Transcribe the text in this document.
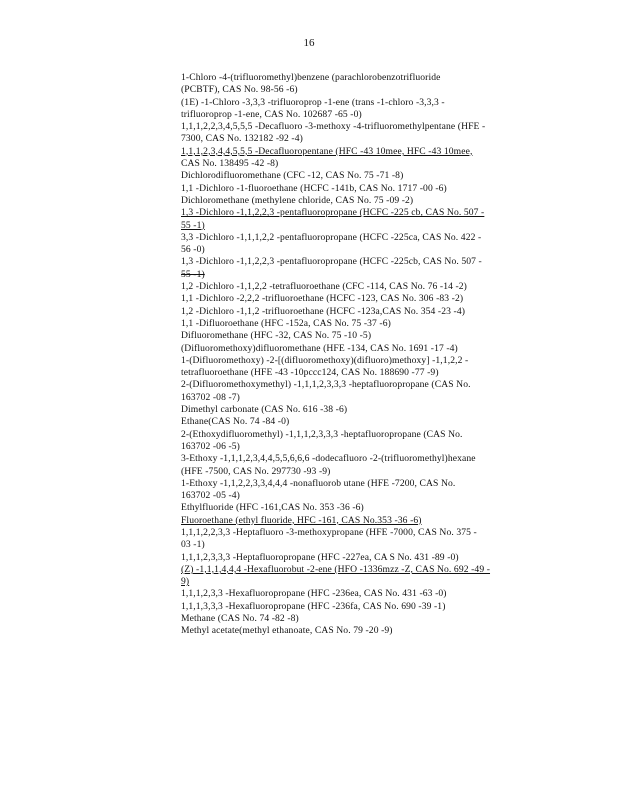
16
1-Chloro -4-(trifluoromethyl)benzene (parachlorobenzotrifluoride
(PCBTF), CAS No. 98-56 -6)
(1E) -1-Chloro -3,3,3 -trifluoroprop -1-ene (trans -1-chloro -3,3,3 -
trifluoroprop -1-ene, CAS No. 102687 -65 -0)
1,1,1,2,2,3,4,5,5,5 -Decafluoro -3-methoxy -4-trifluoromethylpentane (HFE -
7300, CAS No. 132182 -92 -4)
1,1,1,2,3,4,4,5,5,5 -Decafluoropentane (HFC -43 10mee, HFC -43 10mee,
CAS No. 138495 -42 -8)
Dichlorodifluoromethane (CFC -12, CAS No. 75 -71 -8)
1,1 -Dichloro -1-fluoroethane (HCFC -141b, CAS No. 1717 -00 -6)
Dichloromethane (methylene chloride, CAS No. 75 -09 -2)
1,3 -Dichloro -1,1,2,2,3 -pentafluoropropane (HCFC -225 cb, CAS No. 507 -
55 -1)
3,3 -Dichloro -1,1,1,2,2 -pentafluoropropane (HCFC -225ca, CAS No. 422 -
56 -0)
1,3 -Dichloro -1,1,2,2,3 -pentafluoropropane (HCFC -225cb, CAS No. 507 -
55 -1)
1,2 -Dichloro -1,1,2,2 -tetrafluoroethane (CFC -114, CAS No. 76 -14 -2)
1,1 -Dichloro -2,2,2 -trifluoroethane (HCFC -123, CAS No. 306 -83 -2)
1,2 -Dichloro -1,1,2 -trifluoroethane (HCFC -123a,CAS No. 354 -23 -4)
1,1 -Difluoroethane (HFC -152a, CAS No. 75 -37 -6)
Difluoromethane (HFC -32, CAS No. 75 -10 -5)
(Difluoromethoxy)difluoromethane (HFE -134, CAS No. 1691 -17 -4)
1-(Difluoromethoxy) -2-[(difluoromethoxy)(difluoro)methoxy] -1,1,2,2 -
tetrafluoroethane (HFE -43 -10pccc124, CAS No. 188690 -77 -9)
2-(Difluoromethoxymethyl) -1,1,1,2,3,3,3 -heptafluoropropane (CAS No.
163702 -08 -7)
Dimethyl carbonate (CAS No. 616 -38 -6)
Ethane(CAS No. 74 -84 -0)
2-(Ethoxydifluoromethyl) -1,1,1,2,3,3,3 -heptafluoropropane (CAS No.
163702 -06 -5)
3-Ethoxy -1,1,1,2,3,4,4,5,5,6,6,6 -dodecafluoro -2-(trifluoromethyl)hexane
(HFE -7500, CAS No. 297730 -93 -9)
1-Ethoxy -1,1,2,2,3,3,4,4,4 -nonafluorob utane (HFE -7200, CAS No.
163702 -05 -4)
Ethylfluoride (HFC -161,CAS No. 353 -36 -6)
Fluoroethane (ethyl fluoride, HFC -161, CAS No.353 -36 -6)
1,1,1,2,2,3,3 -Heptafluoro -3-methoxypropane (HFE -7000, CAS No. 375 -
03 -1)
1,1,1,2,3,3,3 -Heptafluoropropane (HFC -227ea, CA S No. 431 -89 -0)
(Z) -1,1,1,4,4,4 -Hexafluorobut -2-ene (HFO -1336mzz -Z, CAS No. 692 -49 -
9)
1,1,1,2,3,3 -Hexafluoropropane (HFC -236ea, CAS No. 431 -63 -0)
1,1,1,3,3,3 -Hexafluoropropane (HFC -236fa, CAS No. 690 -39 -1)
Methane (CAS No. 74 -82 -8)
Methyl acetate(methyl ethanoate, CAS No. 79 -20 -9)
